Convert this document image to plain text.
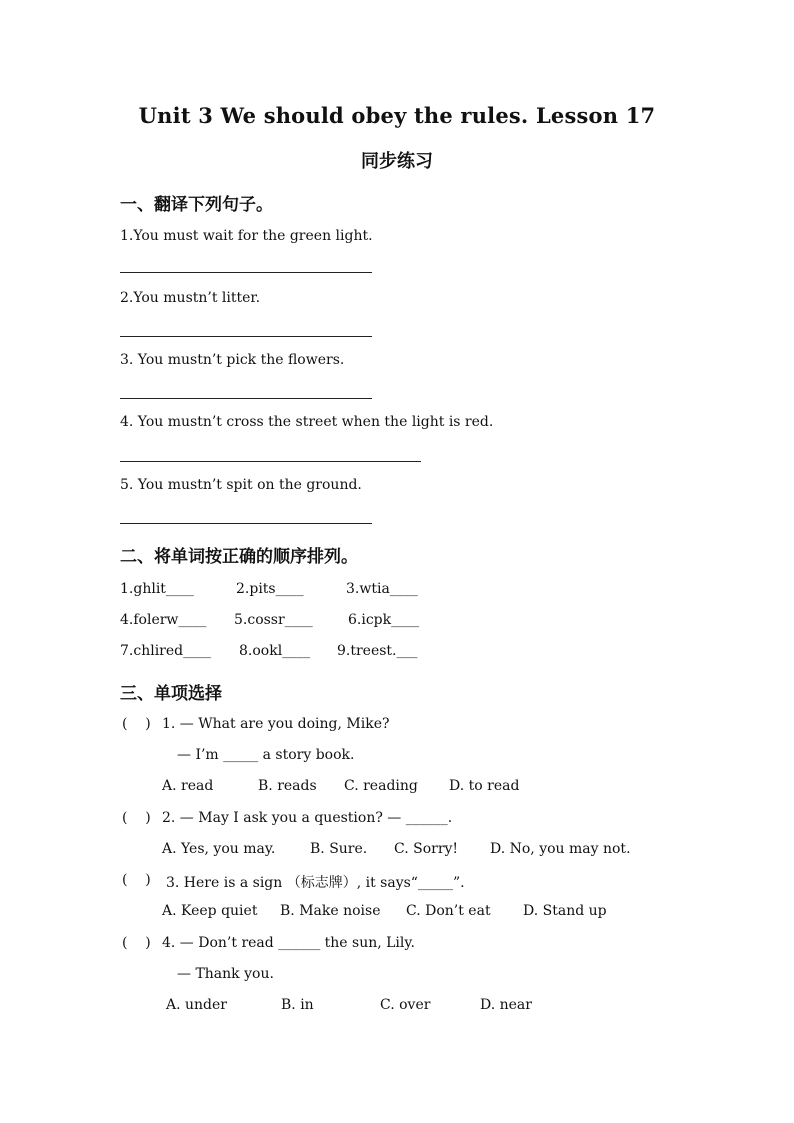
Unit 3 We should obey the rules. Lesson 17
同步练习
一、翻译下列句子。
1.You must wait for the green light.
2.You mustn’t litter.
3. You mustn’t pick the flowers.
4. You mustn’t cross the street when the light is red.
5. You mustn’t spit on the ground.
二、将单词按正确的顺序排列。
1.ghlit____	2.pits____	3.wtia____
4.folerw____ 5.cossr____	6.icpk____
7.chlired____ 8.ookl____ 9.treest.___
三、单项选择
(    ) 1. — What are you doing, Mike?
— I’m _____ a story book.
A. read	B. reads C. reading D. to read
(    ) 2. — May I ask you a question? — ______.
A. Yes, you may. B. Sure. C. Sorry! D. No, you may not.
(    ) 3. Here is a sign （标志牌）, it says“_____”.
A. Keep quiet B. Make noise C. Don’t eat D. Stand up
(    ) 4. — Don’t read ______ the sun, Lily.
— Thank you.
A. under	B. in	C. over	D. near
